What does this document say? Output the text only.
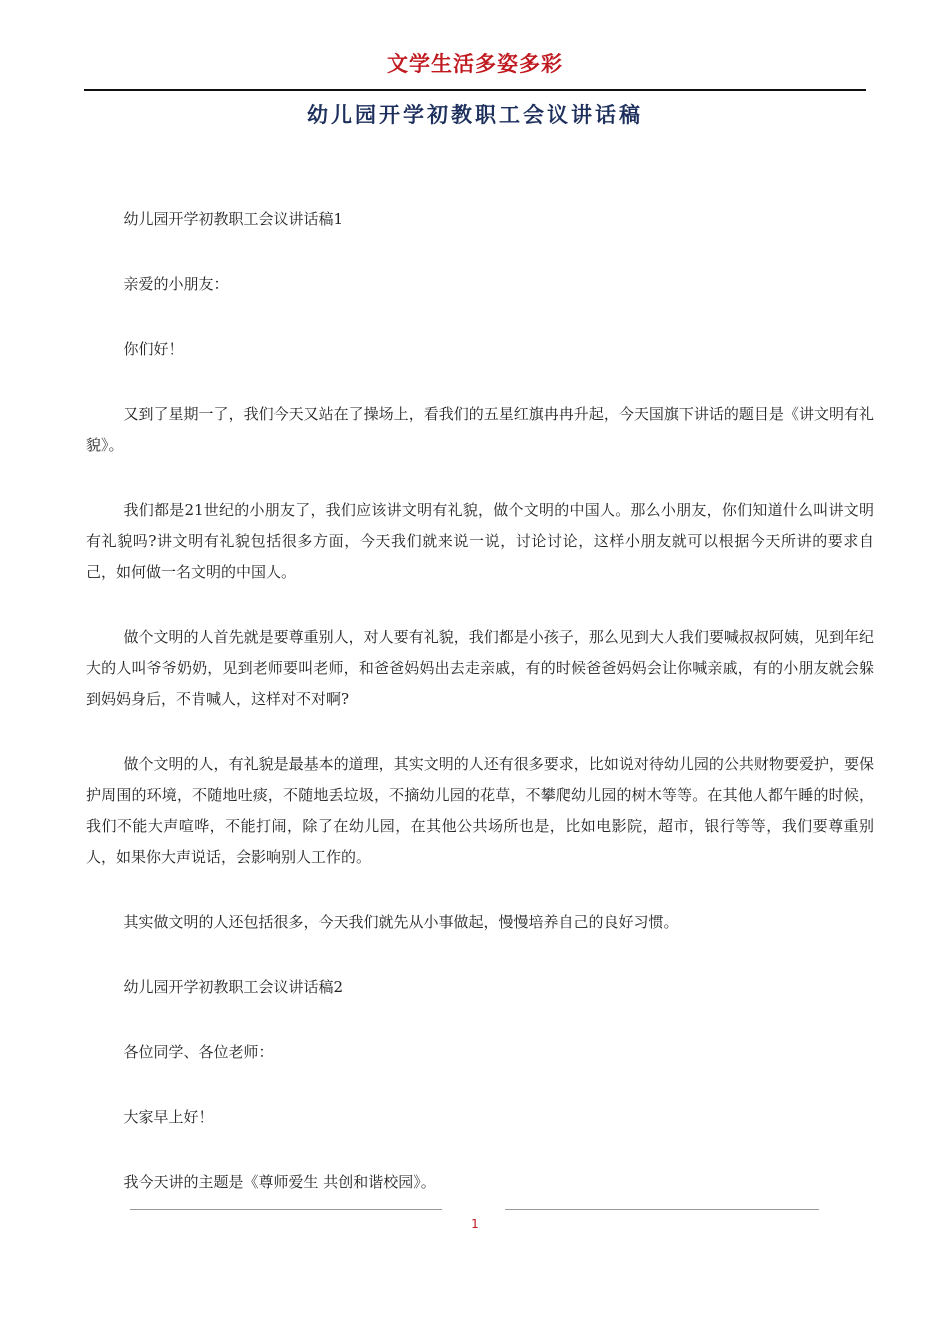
文学生活多姿多彩
幼儿园开学初教职工会议讲话稿

幼儿园开学初教职工会议讲话稿1

亲爱的小朋友：

你们好！

又到了星期一了，我们今天又站在了操场上，看我们的五星红旗冉冉升起，今天国旗下讲话的题目是《讲文明有礼貌》。

我们都是21世纪的小朋友了，我们应该讲文明有礼貌，做个文明的中国人。那么小朋友，你们知道什么叫讲文明有礼貌吗?讲文明有礼貌包括很多方面，今天我们就来说一说，讨论讨论，这样小朋友就可以根据今天所讲的要求自己，如何做一名文明的中国人。

做个文明的人首先就是要尊重别人，对人要有礼貌，我们都是小孩子，那么见到大人我们要喊叔叔阿姨，见到年纪大的人叫爷爷奶奶，见到老师要叫老师，和爸爸妈妈出去走亲戚，有的时候爸爸妈妈会让你喊亲戚，有的小朋友就会躲到妈妈身后，不肯喊人，这样对不对啊?

做个文明的人，有礼貌是最基本的道理，其实文明的人还有很多要求，比如说对待幼儿园的公共财物要爱护，要保护周围的环境，不随地吐痰，不随地丢垃圾，不摘幼儿园的花草，不攀爬幼儿园的树木等等。在其他人都午睡的时候，我们不能大声喧哗，不能打闹，除了在幼儿园，在其他公共场所也是，比如电影院，超市，银行等等，我们要尊重别人，如果你大声说话，会影响别人工作的。

其实做文明的人还包括很多，今天我们就先从小事做起，慢慢培养自己的良好习惯。

幼儿园开学初教职工会议讲话稿2

各位同学、各位老师：

大家早上好！

我今天讲的主题是《尊师爱生 共创和谐校园》。

1
